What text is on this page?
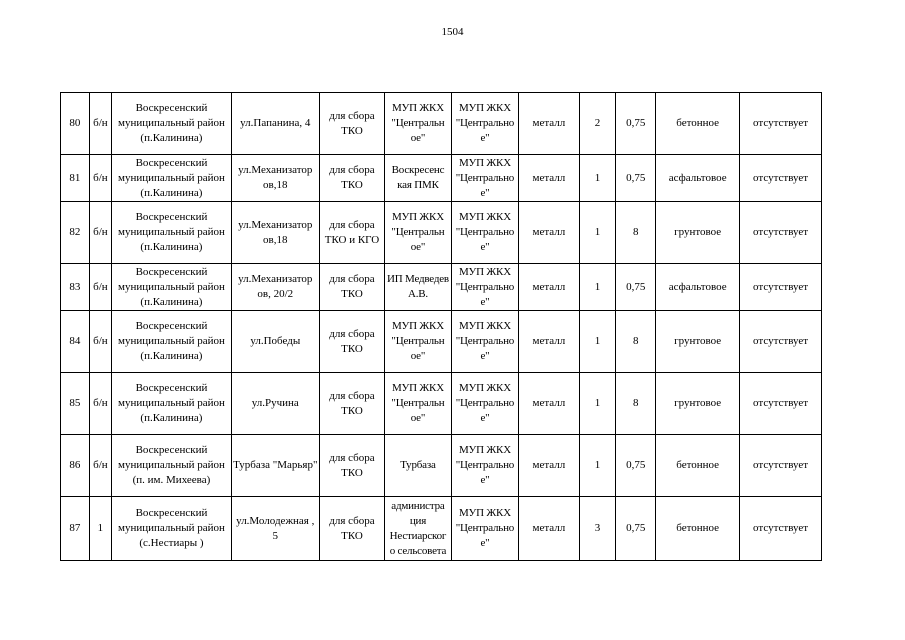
1504
80	б/н	Воскресенский муниципальный район (п.Калинина)	ул.Папанина, 4	для сбора ТКО	МУП ЖКХ "Центральн ое"	МУП ЖКХ "Центрально е"	металл	2	0,75	бетонное	отсутствует
81	б/н	Воскресенский муниципальный район (п.Калинина)	ул.Механизатор ов,18	для сбора ТКО	Воскресенс кая ПМК	МУП ЖКХ "Центрально е"	металл	1	0,75	асфальтовое	отсутствует
82	б/н	Воскресенский муниципальный район (п.Калинина)	ул.Механизатор ов,18	для сбора ТКО и КГО	МУП ЖКХ "Центральн ое"	МУП ЖКХ "Центрально е"	металл	1	8	грунтовое	отсутствует
83	б/н	Воскресенский муниципальный район (п.Калинина)	ул.Механизатор ов, 20/2	для сбора ТКО	ИП Медведев А.В.	МУП ЖКХ "Центрально е"	металл	1	0,75	асфальтовое	отсутствует
84	б/н	Воскресенский муниципальный район (п.Калинина)	ул.Победы	для сбора ТКО	МУП ЖКХ "Центральн ое"	МУП ЖКХ "Центрально е"	металл	1	8	грунтовое	отсутствует
85	б/н	Воскресенский муниципальный район (п.Калинина)	ул.Ручина	для сбора ТКО	МУП ЖКХ "Центральн ое"	МУП ЖКХ "Центрально е"	металл	1	8	грунтовое	отсутствует
86	б/н	Воскресенский муниципальный район (п. им. Михеева)	Турбаза "Марьяр"	для сбора ТКО	Турбаза	МУП ЖКХ "Центрально е"	металл	1	0,75	бетонное	отсутствует
87	1	Воскресенский муниципальный район (с.Нестиары )	ул.Молодежная , 5	для сбора ТКО	администра ция Нестиарског о сельсовета	МУП ЖКХ "Центрально е"	металл	3	0,75	бетонное	отсутствует
